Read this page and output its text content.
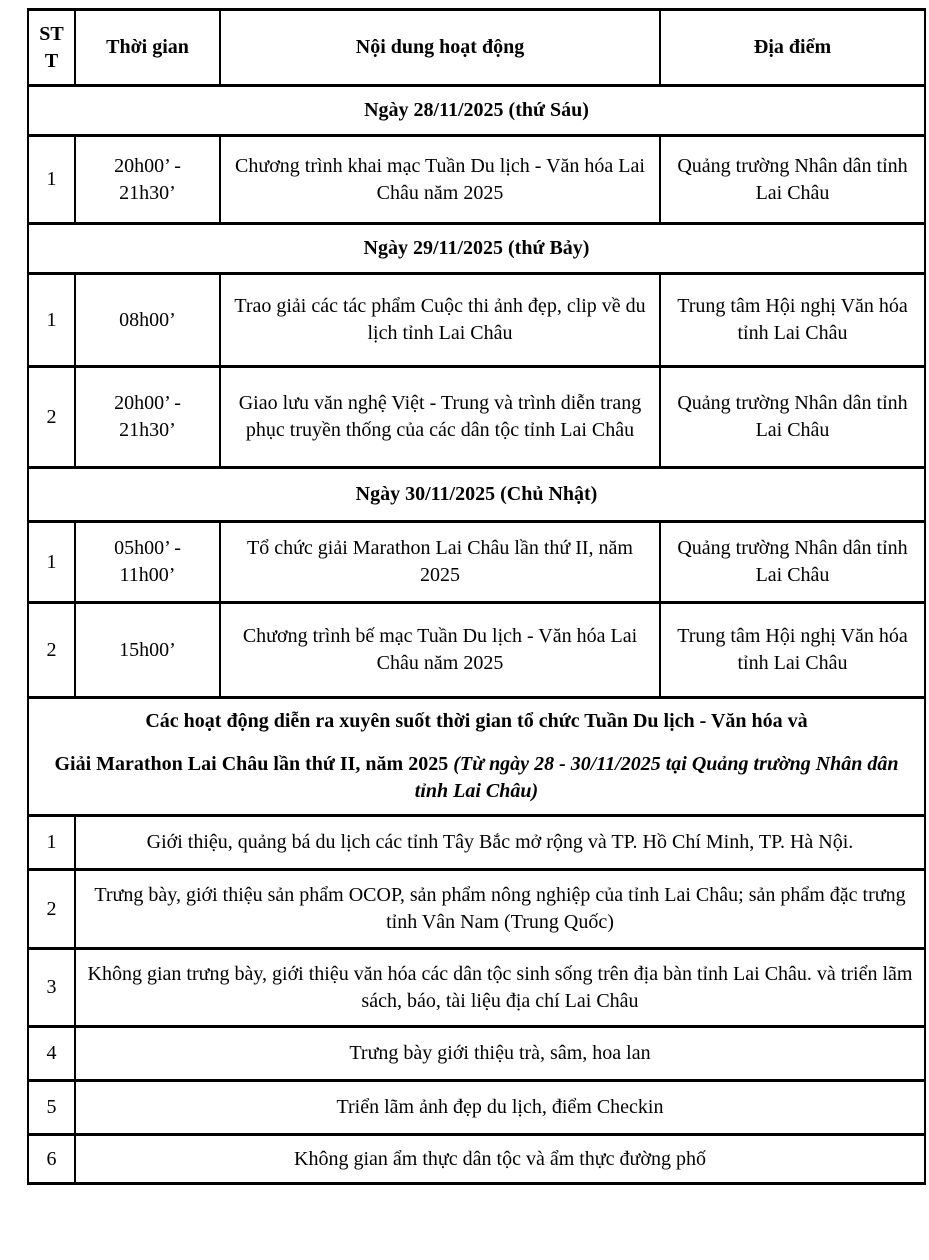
STT	Thời gian	Nội dung hoạt động	Địa điểm
Ngày 28/11/2025 (thứ Sáu)			
1	20h00’ - 21h30’	Chương trình khai mạc Tuần Du lịch - Văn hóa Lai Châu năm 2025	Quảng trường Nhân dân tỉnh Lai Châu
Ngày 29/11/2025 (thứ Bảy)			
1	08h00’	Trao giải các tác phẩm Cuộc thi ảnh đẹp, clip về du lịch tỉnh Lai Châu	Trung tâm Hội nghị Văn hóa tỉnh Lai Châu
2	20h00’ - 21h30’	Giao lưu văn nghệ Việt - Trung và trình diễn trang phục truyền thống của các dân tộc tỉnh Lai Châu	Quảng trường Nhân dân tỉnh Lai Châu
Ngày 30/11/2025 (Chủ Nhật)			
1	05h00’ - 11h00’	Tổ chức giải Marathon Lai Châu lần thứ II, năm 2025	Quảng trường Nhân dân tỉnh Lai Châu
2	15h00’	Chương trình bế mạc Tuần Du lịch - Văn hóa Lai Châu năm 2025	Trung tâm Hội nghị Văn hóa tỉnh Lai Châu

Các hoạt động diễn ra xuyên suốt thời gian tổ chức Tuần Du lịch - Văn hóa và

Giải Marathon Lai Châu lần thứ II, năm 2025 (Từ ngày 28 - 30/11/2025 tại Quảng trường Nhân dân tỉnh Lai Châu)			

1	Giới thiệu, quảng bá du lịch các tỉnh Tây Bắc mở rộng và TP. Hồ Chí Minh, TP. Hà Nội.		
2	Trưng bày, giới thiệu sản phẩm OCOP, sản phẩm nông nghiệp của tỉnh Lai Châu; sản phẩm đặc trưng tỉnh Vân Nam (Trung Quốc)		
3	Không gian trưng bày, giới thiệu văn hóa các dân tộc sinh sống trên địa bàn tỉnh Lai Châu. và triển lãm sách, báo, tài liệu địa chí Lai Châu		
4	Trưng bày giới thiệu trà, sâm, hoa lan		
5	Triển lãm ảnh đẹp du lịch, điểm Checkin		
6	Không gian ẩm thực dân tộc và ẩm thực đường phố		
